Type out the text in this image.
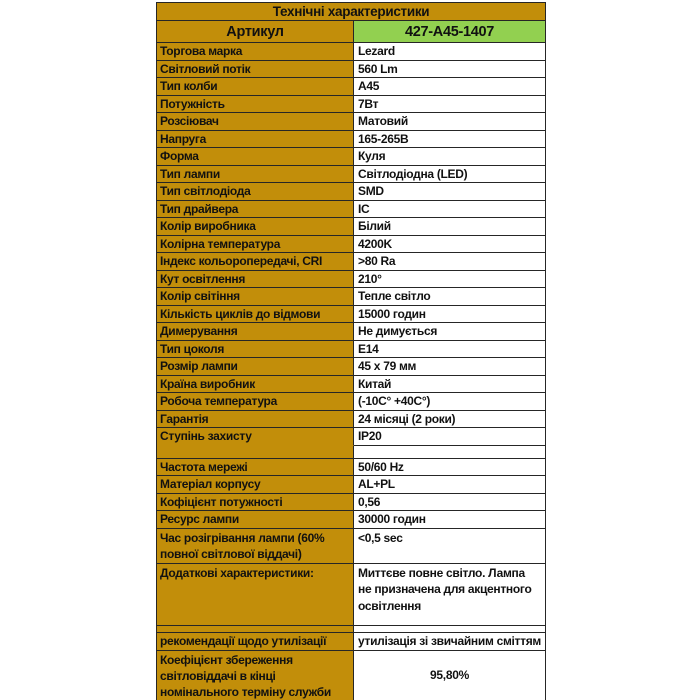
Технічні характеристики	
Артикул	427-A45-1407
Торгова марка	Lezard
Світловий потік	560 Lm
Тип колби	A45
Потужність	7Вт
Розсіювач	Матовий
Напруга	165-265В
Форма	Куля
Тип лампи	Світлодіодна (LED)
Тип світлодіода	SMD
Тип драйвера	IC
Колір виробника	Білий
Колірна температура	4200K
Індекс кольоропередачі, CRI	>80 Ra
Кут освітлення	210°
Колір світіння	Тепле світло
Кількість циклів до відмови	15000 годин
Димерування	Не димується
Тип цоколя	E14
Розмір лампи	45 x 79 мм
Країна виробник	Китай
Робоча температура	(-10C° +40C°)
Гарантія	24 місяці (2 роки)
Ступінь захисту	IP20

Частота мережі	50/60 Hz
Матеріал корпусу	AL+PL
Кофіцієнт потужності	0,56
Ресурс лампи	30000 годин
Час розігрівання лампи (60% повної світлової віддачі)	<0,5 sec
Додаткові характеристики:	Миттєве повне світло. Лампа не призначена для акцентного освітлення

рекомендації щодо утилізації	утилізація зі звичайним сміттям
Коефіцієнт збереження світловіддачі в кінці номінального терміну служби	95,80%
